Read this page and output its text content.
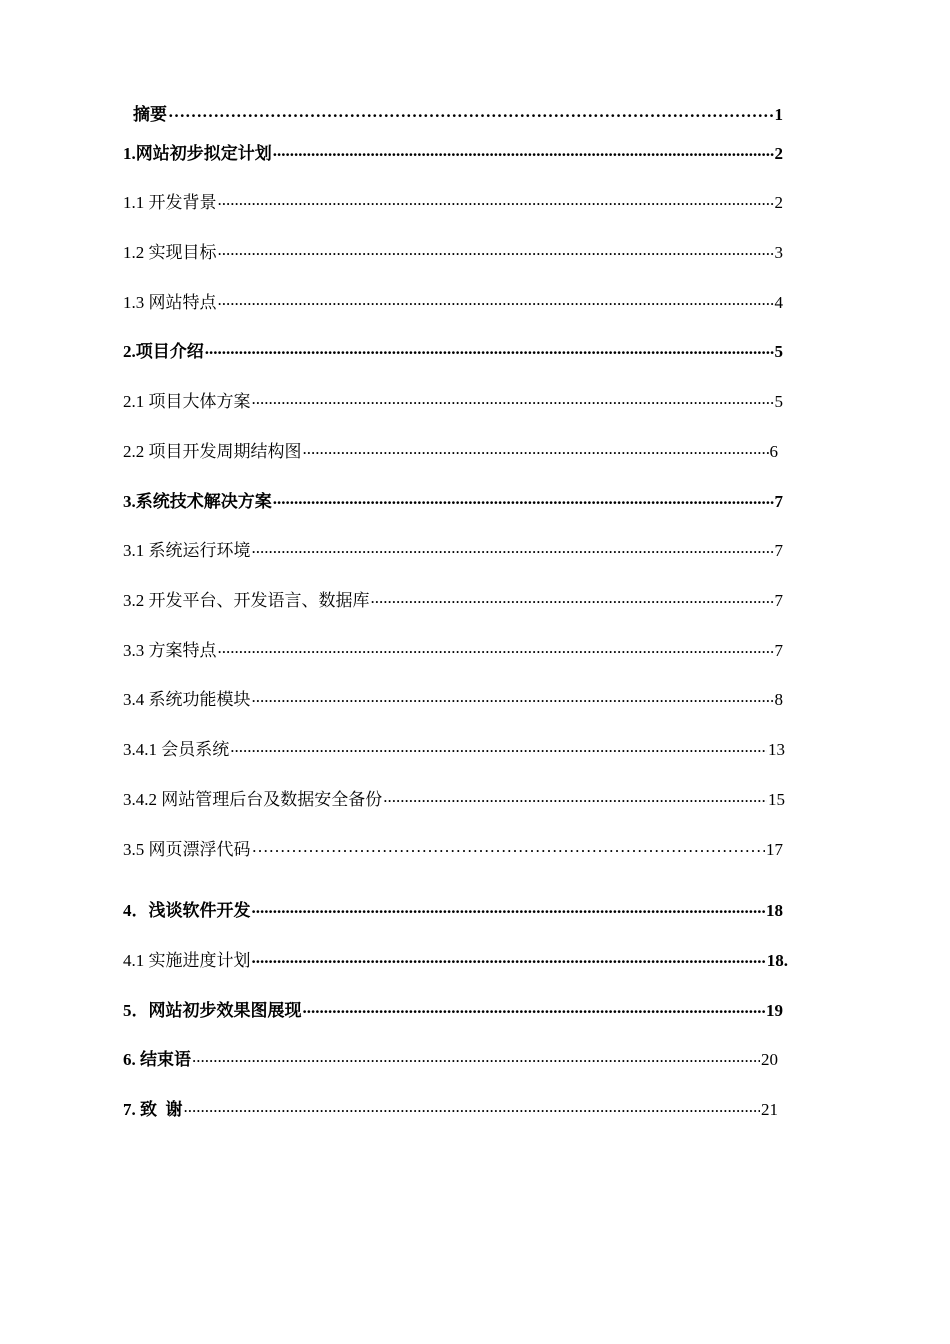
摘要 …………………………………………………………………………………………………………………………………………………………………………	1
1.网站初步拟定计划 .....	2
1.1 开发背景 .....	2
1.2 实现目标 .....	3
1.3 网站特点 .....	4
2.项目介绍 .....	5
2.1 项目大体方案 .....	5
2.2 项目开发周期结构图 .....	6
3.系统技术解决方案 .....	7
3.1 系统运行环境 .....	7
3.2 开发平台、开发语言、数据库 .....	7
3.3 方案特点 .....	7
3.4 系统功能模块 .....	8
3.4.1 会员系统 .....	13
3.4.2 网站管理后台及数据安全备份 .....	15
3.5 网页漂浮代码 …………………………………………………………………………………………………………………………………………………………………………	17
4．浅谈软件开发 .....	18
4.1 实施进度计划 .....	18.
5．网站初步效果图展现 .....	19
6. 结束语 .....	20
7. 致  谢 .....	21
